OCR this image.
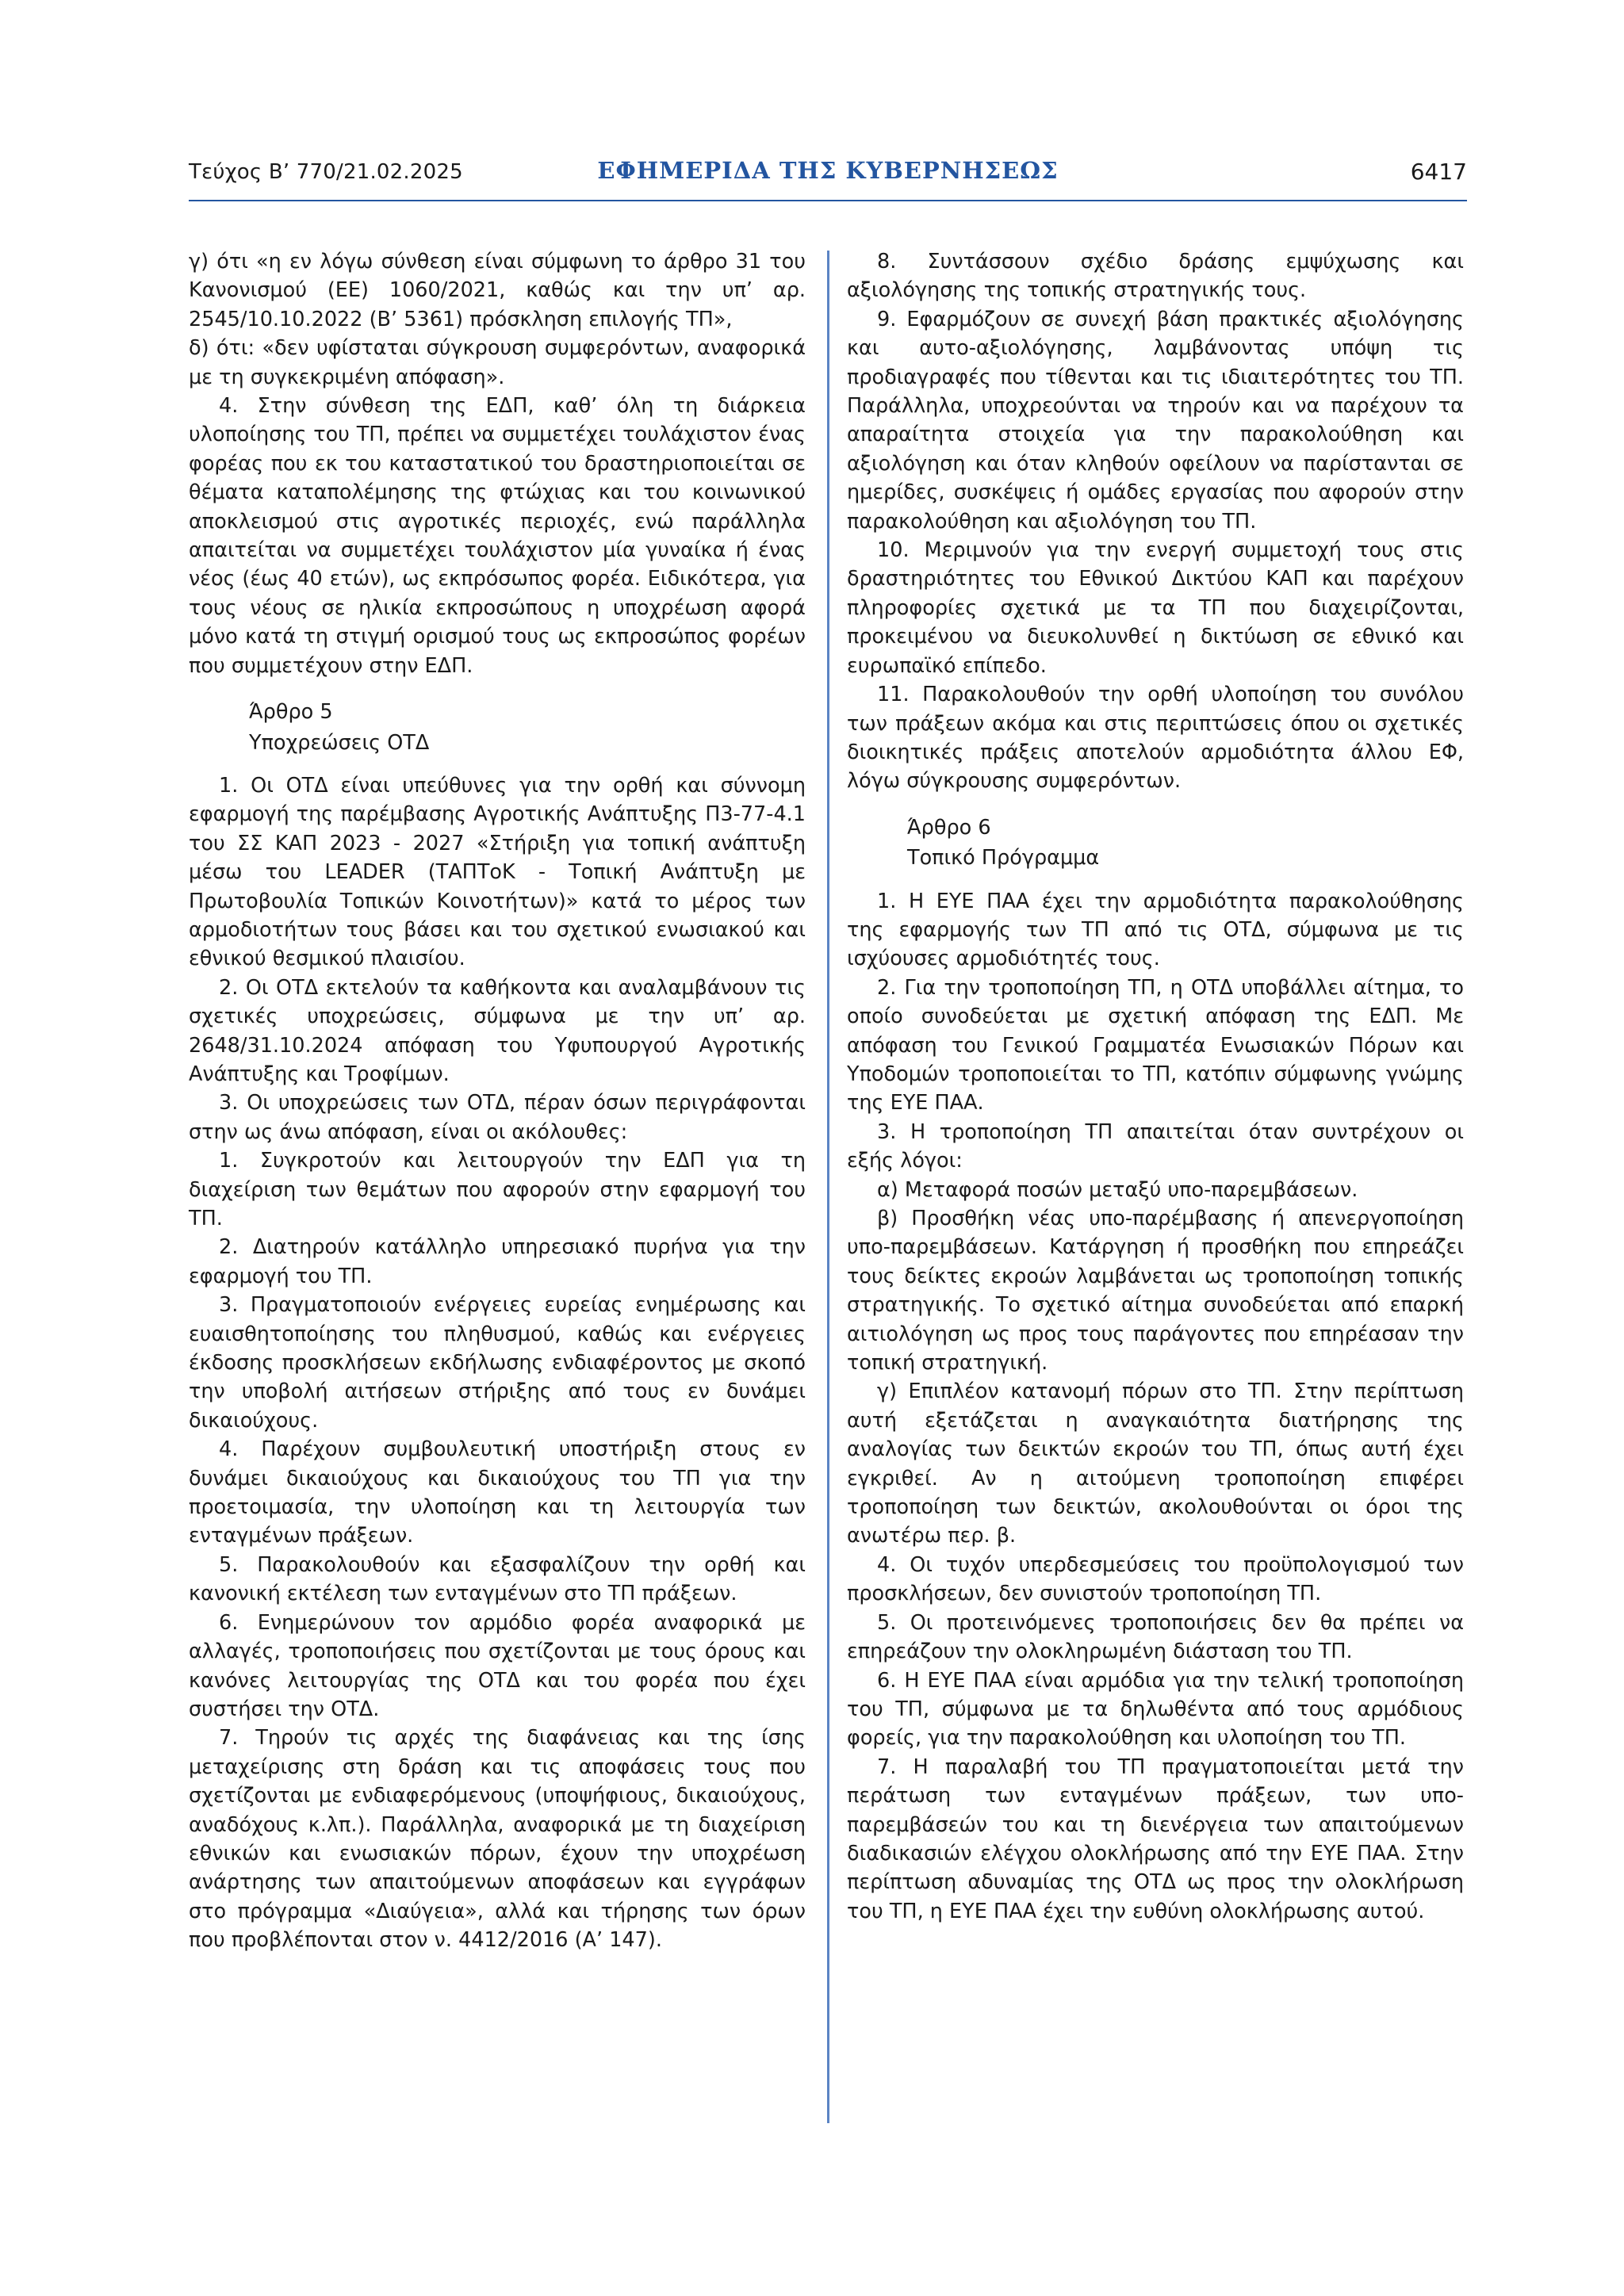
Τεύχος Β’ 770/21.02.2025	ΕΦΗΜΕΡΙΔΑ ΤΗΣ ΚΥΒΕΡΝΗΣΕΩΣ	6417

γ) ότι «η εν λόγω σύνθεση είναι σύμφωνη το άρθρο 31 του Κανονισμού (ΕΕ) 1060/2021, καθώς και την υπ’ αρ. 2545/10.10.2022 (Β’ 5361) πρόσκληση επιλογής ΤΠ»,

δ) ότι: «δεν υφίσταται σύγκρουση συμφερόντων, αναφορικά με τη συγκεκριμένη απόφαση».

4. Στην σύνθεση της ΕΔΠ, καθ’ όλη τη διάρκεια υλοποίησης του ΤΠ, πρέπει να συμμετέχει τουλάχιστον ένας φορέας που εκ του καταστατικού του δραστηριοποιείται σε θέματα καταπολέμησης της φτώχιας και του κοινωνικού αποκλεισμού στις αγροτικές περιοχές, ενώ παράλληλα απαιτείται να συμμετέχει τουλάχιστον μία γυναίκα ή ένας νέος (έως 40 ετών), ως εκπρόσωπος φορέα. Ειδικότερα, για τους νέους σε ηλικία εκπροσώπους η υποχρέωση αφορά μόνο κατά τη στιγμή ορισμού τους ως εκπροσώπος φορέων που συμμετέχουν στην ΕΔΠ.

Άρθρο 5

Υποχρεώσεις ΟΤΔ

1. Οι ΟΤΔ είναι υπεύθυνες για την ορθή και σύννομη εφαρμογή της παρέμβασης Αγροτικής Ανάπτυξης Π3-77-4.1 του ΣΣ ΚΑΠ 2023 - 2027 «Στήριξη για τοπική ανάπτυξη μέσω του LEADER (ΤΑΠΤοΚ - Τοπική Ανάπτυξη με Πρωτοβουλία Τοπικών Κοινοτήτων)» κατά το μέρος των αρμοδιοτήτων τους βάσει και του σχετικού ενωσιακού και εθνικού θεσμικού πλαισίου.

2. Οι ΟΤΔ εκτελούν τα καθήκοντα και αναλαμβάνουν τις σχετικές υποχρεώσεις, σύμφωνα με την υπ’ αρ. 2648/31.10.2024 απόφαση του Υφυπουργού Αγροτικής Ανάπτυξης και Τροφίμων.

3. Οι υποχρεώσεις των ΟΤΔ, πέραν όσων περιγράφονται στην ως άνω απόφαση, είναι οι ακόλουθες:

1. Συγκροτούν και λειτουργούν την ΕΔΠ για τη διαχείριση των θεμάτων που αφορούν στην εφαρμογή του ΤΠ.

2. Διατηρούν κατάλληλο υπηρεσιακό πυρήνα για την εφαρμογή του ΤΠ.

3. Πραγματοποιούν ενέργειες ευρείας ενημέρωσης και ευαισθητοποίησης του πληθυσμού, καθώς και ενέργειες έκδοσης προσκλήσεων εκδήλωσης ενδιαφέροντος με σκοπό την υποβολή αιτήσεων στήριξης από τους εν δυνάμει δικαιούχους.

4. Παρέχουν συμβουλευτική υποστήριξη στους εν δυνάμει δικαιούχους και δικαιούχους του ΤΠ για την προετοιμασία, την υλοποίηση και τη λειτουργία των ενταγμένων πράξεων.

5. Παρακολουθούν και εξασφαλίζουν την ορθή και κανονική εκτέλεση των ενταγμένων στο ΤΠ πράξεων.

6. Ενημερώνουν τον αρμόδιο φορέα αναφορικά με αλλαγές, τροποποιήσεις που σχετίζονται με τους όρους και κανόνες λειτουργίας της ΟΤΔ και του φορέα που έχει συστήσει την ΟΤΔ.

7. Τηρούν τις αρχές της διαφάνειας και της ίσης μεταχείρισης στη δράση και τις αποφάσεις τους που σχετίζονται με ενδιαφερόμενους (υποψήφιους, δικαιούχους, αναδόχους κ.λπ.). Παράλληλα, αναφορικά με τη διαχείριση εθνικών και ενωσιακών πόρων, έχουν την υποχρέωση ανάρτησης των απαιτούμενων αποφάσεων και εγγράφων στο πρόγραμμα «Διαύγεια», αλλά και τήρησης των όρων που προβλέπονται στον ν. 4412/2016 (Α’ 147).

8. Συντάσσουν σχέδιο δράσης εμψύχωσης και αξιολόγησης της τοπικής στρατηγικής τους.

9. Εφαρμόζουν σε συνεχή βάση πρακτικές αξιολόγησης και αυτο-αξιολόγησης, λαμβάνοντας υπόψη τις προδιαγραφές που τίθενται και τις ιδιαιτερότητες του ΤΠ. Παράλληλα, υποχρεούνται να τηρούν και να παρέχουν τα απαραίτητα στοιχεία για την παρακολούθηση και αξιολόγηση και όταν κληθούν οφείλουν να παρίστανται σε ημερίδες, συσκέψεις ή ομάδες εργασίας που αφορούν στην παρακολούθηση και αξιολόγηση του ΤΠ.

10. Μεριμνούν για την ενεργή συμμετοχή τους στις δραστηριότητες του Εθνικού Δικτύου ΚΑΠ και παρέχουν πληροφορίες σχετικά με τα ΤΠ που διαχειρίζονται, προκειμένου να διευκολυνθεί η δικτύωση σε εθνικό και ευρωπαϊκό επίπεδο.

11. Παρακολουθούν την ορθή υλοποίηση του συνόλου των πράξεων ακόμα και στις περιπτώσεις όπου οι σχετικές διοικητικές πράξεις αποτελούν αρμοδιότητα άλλου ΕΦ, λόγω σύγκρουσης συμφερόντων.

Άρθρο 6

Τοπικό Πρόγραμμα

1. Η ΕΥΕ ΠΑΑ έχει την αρμοδιότητα παρακολούθησης της εφαρμογής των ΤΠ από τις ΟΤΔ, σύμφωνα με τις ισχύουσες αρμοδιότητές τους.

2. Για την τροποποίηση ΤΠ, η ΟΤΔ υποβάλλει αίτημα, το οποίο συνοδεύεται με σχετική απόφαση της ΕΔΠ. Με απόφαση του Γενικού Γραμματέα Ενωσιακών Πόρων και Υποδομών τροποποιείται το ΤΠ, κατόπιν σύμφωνης γνώμης της ΕΥΕ ΠΑΑ.

3. Η τροποποίηση ΤΠ απαιτείται όταν συντρέχουν οι εξής λόγοι:

α) Μεταφορά ποσών μεταξύ υπο-παρεμβάσεων.

β) Προσθήκη νέας υπο-παρέμβασης ή απενεργοποίηση υπο-παρεμβάσεων. Κατάργηση ή προσθήκη που επηρεάζει τους δείκτες εκροών λαμβάνεται ως τροποποίηση τοπικής στρατηγικής. Το σχετικό αίτημα συνοδεύεται από επαρκή αιτιολόγηση ως προς τους παράγοντες που επηρέασαν την τοπική στρατηγική.

γ) Επιπλέον κατανομή πόρων στο ΤΠ. Στην περίπτωση αυτή εξετάζεται η αναγκαιότητα διατήρησης της αναλογίας των δεικτών εκροών του ΤΠ, όπως αυτή έχει εγκριθεί. Αν η αιτούμενη τροποποίηση επιφέρει τροποποίηση των δεικτών, ακολουθούνται οι όροι της ανωτέρω περ. β.

4. Οι τυχόν υπερδεσμεύσεις του προϋπολογισμού των προσκλήσεων, δεν συνιστούν τροποποίηση ΤΠ.

5. Οι προτεινόμενες τροποποιήσεις δεν θα πρέπει να επηρεάζουν την ολοκληρωμένη διάσταση του ΤΠ.

6. Η ΕΥΕ ΠΑΑ είναι αρμόδια για την τελική τροποποίηση του ΤΠ, σύμφωνα με τα δηλωθέντα από τους αρμόδιους φορείς, για την παρακολούθηση και υλοποίηση του ΤΠ.

7. Η παραλαβή του ΤΠ πραγματοποιείται μετά την περάτωση των ενταγμένων πράξεων, των υπο-παρεμβάσεών του και τη διενέργεια των απαιτούμενων διαδικασιών ελέγχου ολοκλήρωσης από την ΕΥΕ ΠΑΑ. Στην περίπτωση αδυναμίας της ΟΤΔ ως προς την ολοκλήρωση του ΤΠ, η ΕΥΕ ΠΑΑ έχει την ευθύνη ολοκλήρωσης αυτού.
